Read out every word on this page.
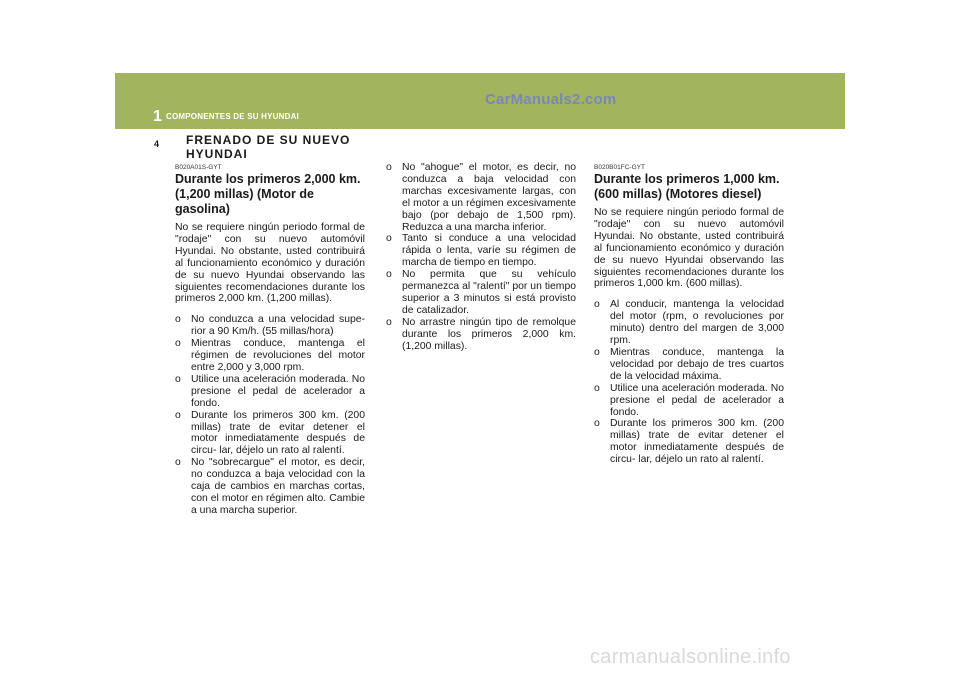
1 COMPONENTES DE SU HYUNDAI
CarManuals2.com
4 FRENADO DE SU NUEVO HYUNDAI

B020A01S-GYT

Durante los primeros 2,000 km. (1,200 millas) (Motor de gasolina)

No se requiere ningún periodo formal de "rodaje" con su nuevo automóvil Hyundai. No obstante, usted contribuirá al funcionamiento económico y duración de su nuevo Hyundai observando las siguientes recomendaciones durante los primeros 2,000 km. (1,200 millas).

o No conduzca a una velocidad supe- rior a 90 Km/h. (55 millas/hora)
o Mientras conduce, mantenga el régimen de revoluciones del motor entre 2,000 y 3,000 rpm.
o Utilice una aceleración moderada. No presione el pedal de acelerador a fondo.
o Durante los primeros 300 km. (200 millas) trate de evitar detener el motor inmediatamente después de circu- lar, déjelo un rato al ralentí.
o No "sobrecargue" el motor, es decir, no conduzca a baja velocidad con la caja de cambios en marchas cortas, con el motor en régimen alto. Cambie a una marcha superior.
o No "ahogue" el motor, es decir, no conduzca a baja velocidad con marchas excesivamente largas, con el motor a un régimen excesivamente bajo (por debajo de 1,500 rpm). Reduzca a una marcha inferior.
o Tanto si conduce a una velocidad rápida o lenta, varíe su régimen de marcha de tiempo en tiempo.
o No permita que su vehículo permanezca al "ralentí" por un tiempo superior a 3 minutos si está provisto de catalizador.
o No arrastre ningún tipo de remolque durante los primeros 2,000 km. (1,200 millas).

B020B01FC-GYT

Durante los primeros 1,000 km. (600 millas) (Motores diesel)

No se requiere ningún periodo formal de "rodaje" con su nuevo automóvil Hyundai. No obstante, usted contribuirá al funcionamiento económico y duración de su nuevo Hyundai observando las siguientes recomendaciones durante los primeros 1,000 km. (600 millas).

o Al conducir, mantenga la velocidad del motor (rpm, o revoluciones por minuto) dentro del margen de 3,000 rpm.
o Mientras conduce, mantenga la velocidad por debajo de tres cuartos de la velocidad máxima.
o Utilice una aceleración moderada. No presione el pedal de acelerador a fondo.
o Durante los primeros 300 km. (200 millas) trate de evitar detener el motor inmediatamente después de circu- lar, déjelo un rato al ralentí.
carmanualsonline.info
